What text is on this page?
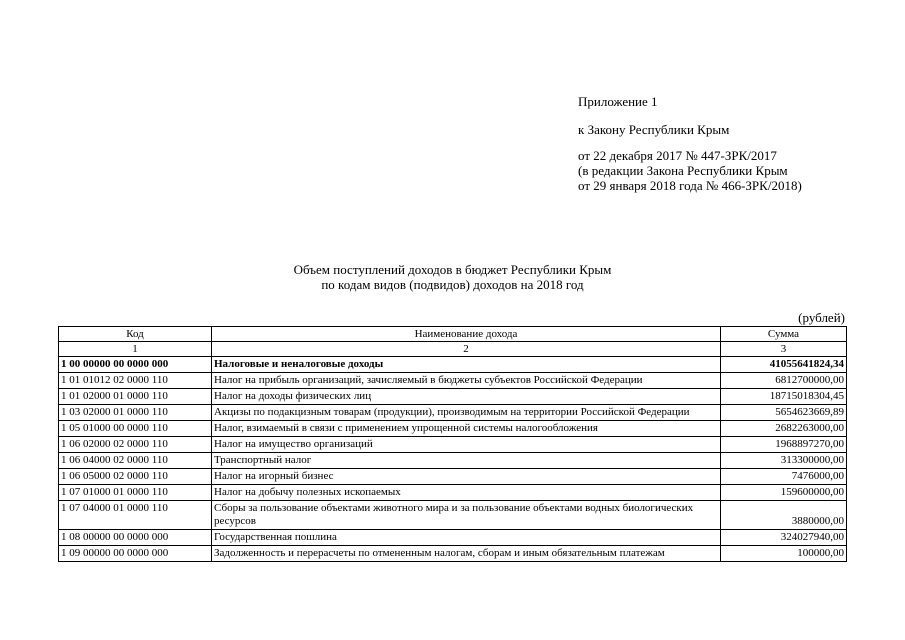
Приложение 1
к Закону Республики Крым
от 22 декабря 2017 № 447-ЗРК/2017
(в редакции Закона Республики Крым
от 29 января 2018 года № 466-ЗРК/2018)
Объем поступлений доходов в бюджет Республики Крым
по кодам видов (подвидов) доходов на 2018 год
(рублей)
Код	Наименование дохода	Сумма
1	2	3
1 00 00000 00 0000 000	Налоговые и неналоговые доходы	41055641824,34
1 01 01012 02 0000 110	Налог на прибыль организаций, зачисляемый в бюджеты субъектов Российской Федерации	6812700000,00
1 01 02000 01 0000 110	Налог на доходы физических лиц	18715018304,45
1 03 02000 01 0000 110	Акцизы по подакцизным товарам (продукции), производимым на территории Российской Федерации	5654623669,89
1 05 01000 00 0000 110	Налог, взимаемый в связи с применением упрощенной системы налогообложения	2682263000,00
1 06 02000 02 0000 110	Налог на имущество организаций	1968897270,00
1 06 04000 02 0000 110	Транспортный налог	313300000,00
1 06 05000 02 0000 110	Налог на игорный бизнес	7476000,00
1 07 01000 01 0000 110	Налог на добычу полезных ископаемых	159600000,00
1 07 04000 01 0000 110	Сборы за пользование объектами животного мира и за пользование объектами водных биологических ресурсов	3880000,00
1 08 00000 00 0000 000	Государственная пошлина	324027940,00
1 09 00000 00 0000 000	Задолженность и перерасчеты по отмененным налогам, сборам и иным обязательным платежам	100000,00
